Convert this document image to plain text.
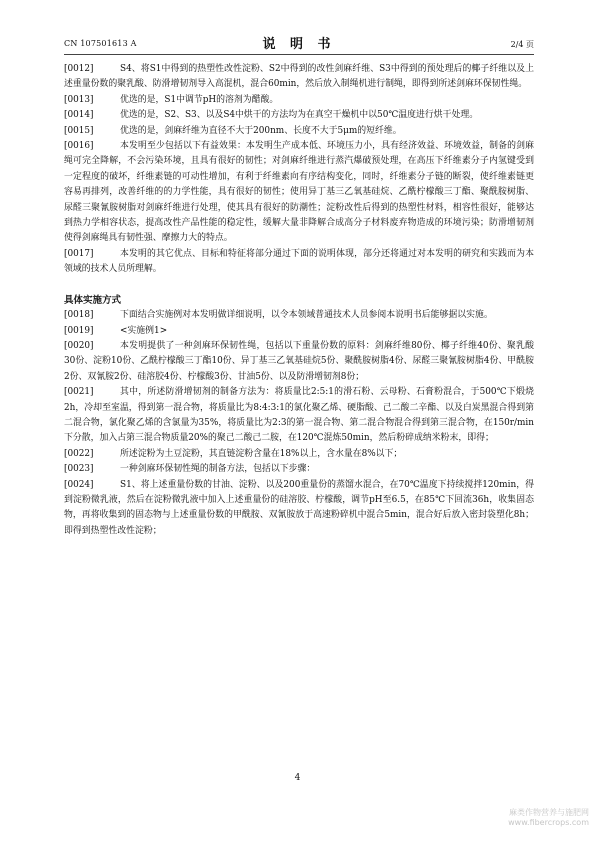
CN 107501613 A	说 明 书	2/4 页

[0012]	S4、将S1中得到的热塑性改性淀粉、S2中得到的改性剑麻纤维、S3中得到的预处理后的椰子纤维以及上述重量份数的聚乳酸、防滑增韧剂导入高混机，混合60min，然后放入制绳机进行制绳，即得到所述剑麻环保韧性绳。

[0013]	优选的是，S1中调节pH的溶剂为醋酸。

[0014]	优选的是，S2、S3、以及S4中烘干的方法均为在真空干燥机中以50℃温度进行烘干处理。

[0015]	优选的是，剑麻纤维为直径不大于200nm、长度不大于5μm的短纤维。

[0016]	本发明至少包括以下有益效果：本发明生产成本低、环境压力小，具有经济效益、环境效益，制备的剑麻绳可完全降解，不会污染环境，且具有很好的韧性；对剑麻纤维进行蒸汽爆破预处理，在高压下纤维素分子内氢键受到一定程度的破坏，纤维素链的可动性增加，有利于纤维素向有序结构变化，同时，纤维素分子链的断裂，使纤维素链更容易再排列，改善纤维的的力学性能，具有很好的韧性；使用异丁基三乙氧基硅烷、乙酰柠檬酸三丁酯、聚酰胺树脂、尿醛三聚氰胺树脂对剑麻纤维进行处理，使其具有很好的防潮性；淀粉改性后得到的热塑性材料，相容性很好，能够达到热力学相容状态，提高改性产品性能的稳定性，缓解大量非降解合成高分子材料废弃物造成的环境污染；防滑增韧剂使得剑麻绳具有韧性强、摩擦力大的特点。

[0017]	本发明的其它优点、目标和特征将部分通过下面的说明体现，部分还将通过对本发明的研究和实践而为本领域的技术人员所理解。

具体实施方式

[0018]	下面结合实施例对本发明做详细说明，以令本领域普通技术人员参阅本说明书后能够据以实施。

[0019]	<实施例1>

[0020]	本发明提供了一种剑麻环保韧性绳，包括以下重量份数的原料：剑麻纤维80份、椰子纤维40份、聚乳酸30份、淀粉10份、乙酰柠檬酸三丁酯10份、异丁基三乙氧基硅烷5份、聚酰胺树脂4份、尿醛三聚氰胺树脂4份、甲酰胺2份、双氰胺2份、硅溶胶4份、柠檬酸3份、甘油5份、以及防滑增韧剂8份；

[0021]	其中，所述防滑增韧剂的制备方法为：将质量比2:5:1的滑石粉、云母粉、石膏粉混合，于500℃下煅烧2h，冷却至室温，得到第一混合物，将质量比为8:4:3:1的氯化聚乙烯、硬脂酸、己二酸二辛酯、以及白炭黑混合得到第二混合物，氯化聚乙烯的含氯量为35%，将质量比为2:3的第一混合物、第二混合物混合得到第三混合物，在150r/min下分散，加入占第三混合物质量20%的聚己二酸己二胺，在120℃混炼50min，然后粉碎成纳米粉末，即得；

[0022]	所述淀粉为土豆淀粉，其直链淀粉含量在18%以上，含水量在8%以下；

[0023]	一种剑麻环保韧性绳的制备方法，包括以下步骤：

[0024]	S1、将上述重量份数的甘油、淀粉、以及200重量份的蒸馏水混合，在70℃温度下持续搅拌120min，得到淀粉微乳液，然后在淀粉微乳液中加入上述重量份的硅溶胶、柠檬酸，调节pH至6.5，在85℃下回流36h，收集固态物，再将收集到的固态物与上述重量份数的甲酰胺、双氰胺放于高速粉碎机中混合5min，混合好后放入密封袋塑化8h；即得到热塑性改性淀粉；

4
麻类作物营养与施肥网
www.fibercrops.com
